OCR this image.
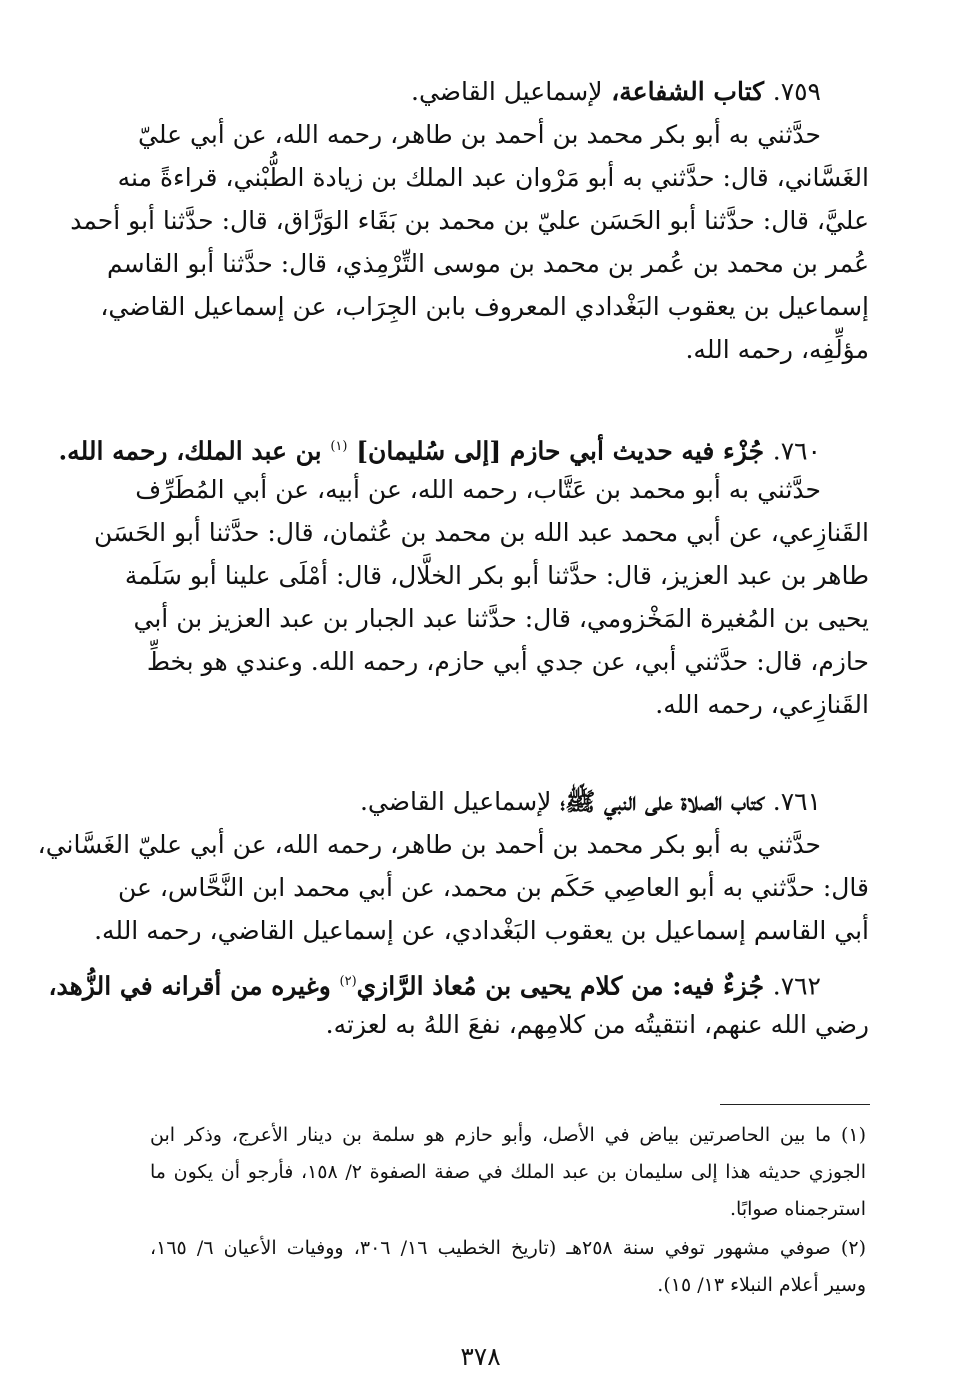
٧٥٩. كتاب الشفاعة، لإسماعيل القاضي.
حدَّثني به أبو بكر محمد بن أحمد بن طاهر، رحمه الله، عن أبي عليّ
الغَسَّاني، قال: حدَّثني به أبو مَرْوان عبد الملك بن زيادة الطُّبْني، قراءةً منه
عليَّ، قال: حدَّثنا أبو الحَسَن عليّ بن محمد بن بَقَاء الوَرَّاق، قال: حدَّثنا أبو أحمد
عُمر بن محمد بن عُمر بن محمد بن موسى التِّرْمِذي، قال: حدَّثنا أبو القاسم
إسماعيل بن يعقوب البَغْدادي المعروف بابن الجِرَاب، عن إسماعيل القاضي،
مؤلِّفِه، رحمه الله.
٧٦٠. جُزْء فيه حديث أبي حازم [إلى سُليمان] $^{(١)}$ بن عبد الملك، رحمه الله.
حدَّثني به أبو محمد بن عَتَّاب، رحمه الله، عن أبيه، عن أبي المُطَرِّف
القَنازِعي، عن أبي محمد عبد الله بن محمد بن عُثمان، قال: حدَّثنا أبو الحَسَن
طاهر بن عبد العزيز، قال: حدَّثنا أبو بكر الخلَّال، قال: أمْلَى علينا أبو سَلَمة
يحيى بن المُغيرة المَخْزومي، قال: حدَّثنا عبد الجبار بن عبد العزيز بن أبي
حازم، قال: حدَّثني أبي، عن جدي أبي حازم، رحمه الله. وعندي هو بخطِّ
القَنازِعي، رحمه الله.
٧٦١. كتاب الصلاة على النبي ﷺ؛ لإسماعيل القاضي.
حدَّثني به أبو بكر محمد بن أحمد بن طاهر، رحمه الله، عن أبي عليّ الغَسَّاني،
قال: حدَّثني به أبو العاصِي حَكَم بن محمد، عن أبي محمد ابن النَّحَّاس، عن
أبي القاسم إسماعيل بن يعقوب البَغْدادي، عن إسماعيل القاضي، رحمه الله.
٧٦٢. جُزءٌ فيه: من كلام يحيى بن مُعاذ الرَّازي$^{(٢)}$ وغيره من أقرانه في الزُّهد،
رضي الله عنهم، انتقيتُه من كلامِهم، نفعَ اللهُ به لعزته.
(١) ما بين الحاصرتين بياض في الأصل، وأبو حازم هو سلمة بن دينار الأعرج، وذكر ابن
الجوزي حديثه هذا إلى سليمان بن عبد الملك في صفة الصفوة ٢/ ١٥٨، فأرجو أن يكون ما
استرجمناه صوابًا.
(٢) صوفي مشهور توفي سنة ٢٥٨هـ (تاريخ الخطيب ١٦/ ٣٠٦، ووفيات الأعيان ٦/ ١٦٥،
وسير أعلام النبلاء ١٣/ ١٥).
٣٧٨
